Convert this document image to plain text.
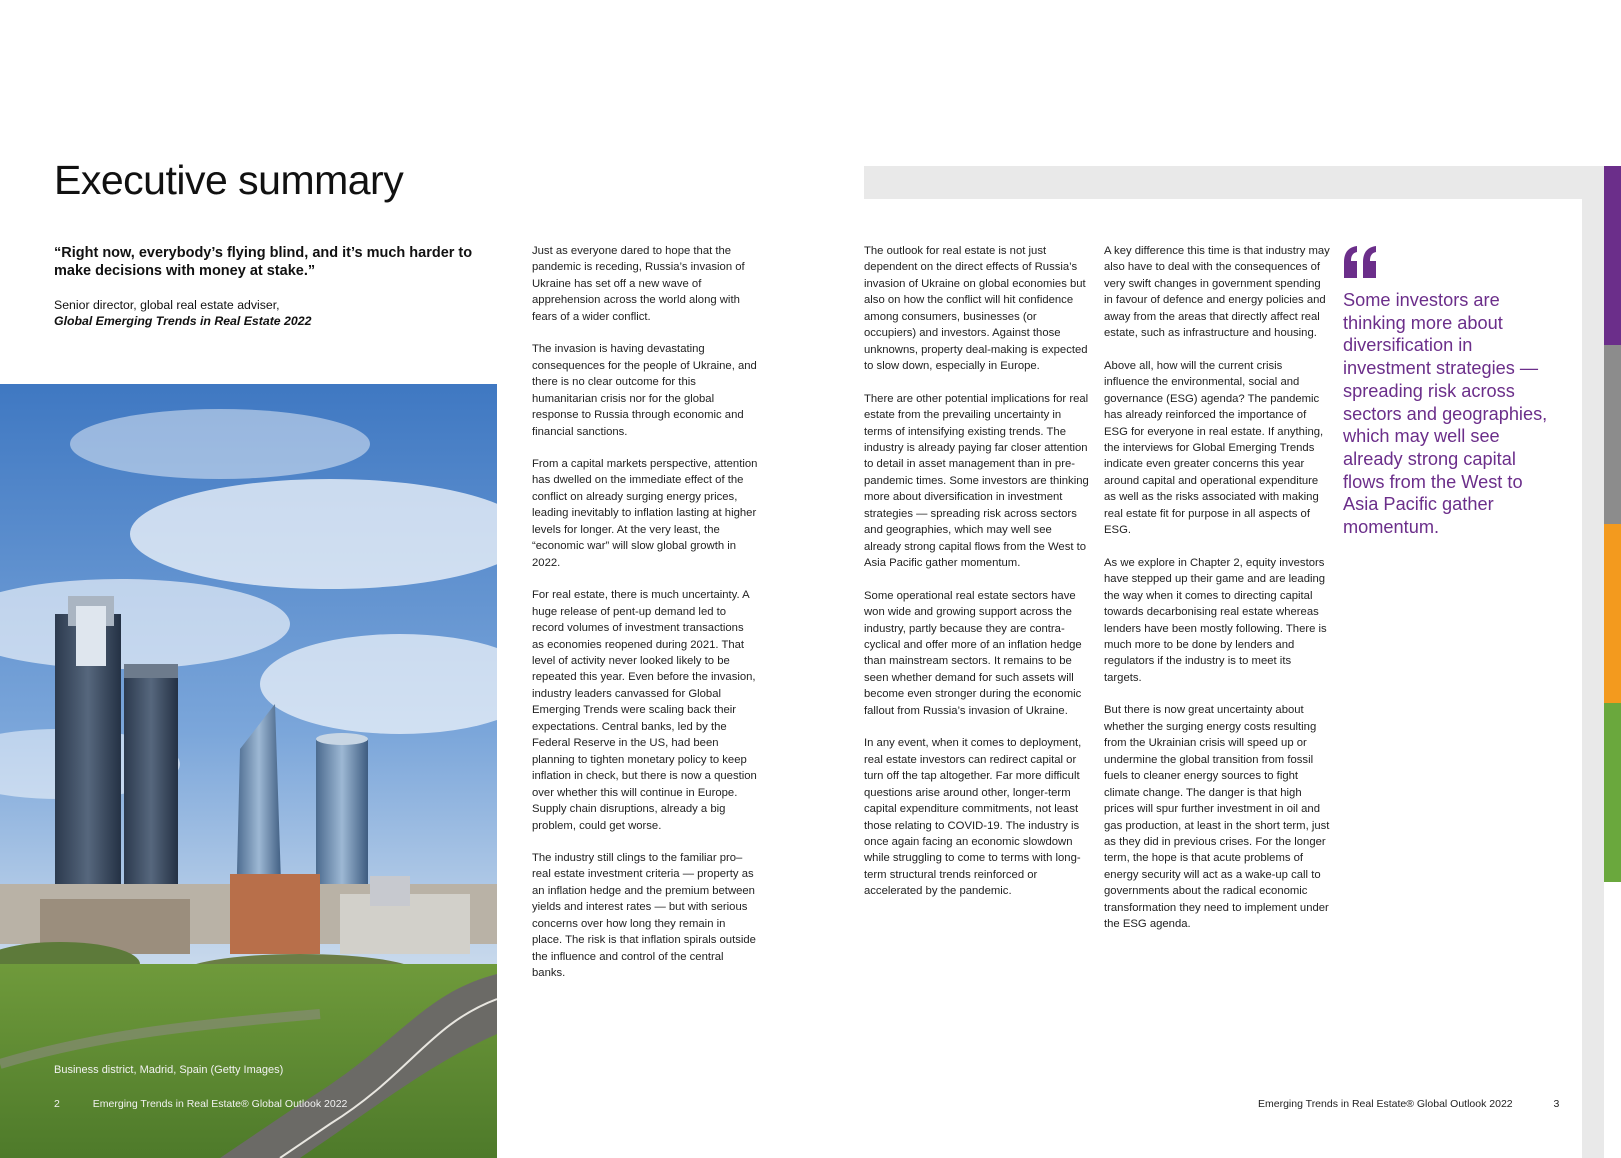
Executive summary
“Right now, everybody’s flying blind, and it’s much harder to make decisions with money at stake.”
Senior director, global real estate adviser,
Global Emerging Trends in Real Estate 2022
Business district, Madrid, Spain (Getty Images)
2	Emerging Trends in Real Estate® Global Outlook 2022

Just as everyone dared to hope that the pandemic is receding, Russia’s invasion of Ukraine has set off a new wave of apprehension across the world along with fears of a wider conflict.

The invasion is having devastating consequences for the people of Ukraine, and there is no clear outcome for this humanitarian crisis nor for the global response to Russia through economic and financial sanctions.

From a capital markets perspective, attention has dwelled on the immediate effect of the conflict on already surging energy prices, leading inevitably to inflation lasting at higher levels for longer. At the very least, the “economic war” will slow global growth in 2022.

For real estate, there is much uncertainty. A huge release of pent-up demand led to record volumes of investment transactions as economies reopened during 2021. That level of activity never looked likely to be repeated this year. Even before the invasion, industry leaders canvassed for Global Emerging Trends were scaling back their expectations. Central banks, led by the Federal Reserve in the US, had been planning to tighten monetary policy to keep inflation in check, but there is now a question over whether this will continue in Europe. Supply chain disruptions, already a big problem, could get worse.

The industry still clings to the familiar pro–real estate investment criteria — property as an inflation hedge and the premium between yields and interest rates — but with serious concerns over how long they remain in place. The risk is that inflation spirals outside the influence and control of the central banks.

The outlook for real estate is not just dependent on the direct effects of Russia’s invasion of Ukraine on global economies but also on how the conflict will hit confidence among consumers, businesses (or occupiers) and investors. Against those unknowns, property deal-making is expected to slow down, especially in Europe.

There are other potential implications for real estate from the prevailing uncertainty in terms of intensifying existing trends. The industry is already paying far closer attention to detail in asset management than in pre-pandemic times. Some investors are thinking more about diversification in investment strategies — spreading risk across sectors and geographies, which may well see already strong capital flows from the West to Asia Pacific gather momentum.

Some operational real estate sectors have won wide and growing support across the industry, partly because they are contra-cyclical and offer more of an inflation hedge than mainstream sectors. It remains to be seen whether demand for such assets will become even stronger during the economic fallout from Russia’s invasion of Ukraine.

In any event, when it comes to deployment, real estate investors can redirect capital or turn off the tap altogether. Far more difficult questions arise around other, longer-term capital expenditure commitments, not least those relating to COVID-19. The industry is once again facing an economic slowdown while struggling to come to terms with long-term structural trends reinforced or accelerated by the pandemic.

A key difference this time is that industry may also have to deal with the consequences of very swift changes in government spending in favour of defence and energy policies and away from the areas that directly affect real estate, such as infrastructure and housing.

Above all, how will the current crisis influence the environmental, social and governance (ESG) agenda? The pandemic has already reinforced the importance of ESG for everyone in real estate. If anything, the interviews for Global Emerging Trends indicate even greater concerns this year around capital and operational expenditure as well as the risks associated with making real estate fit for purpose in all aspects of ESG.

As we explore in Chapter 2, equity investors have stepped up their game and are leading the way when it comes to directing capital towards decarbonising real estate whereas lenders have been mostly following. There is much more to be done by lenders and regulators if the industry is to meet its targets.

But there is now great uncertainty about whether the surging energy costs resulting from the Ukrainian crisis will speed up or undermine the global transition from fossil fuels to cleaner energy sources to fight climate change. The danger is that high prices will spur further investment in oil and gas production, at least in the short term, just as they did in previous crises. For the longer term, the hope is that acute problems of energy security will act as a wake-up call to governments about the radical economic transformation they need to implement under the ESG agenda.

Some investors are thinking more about diversification in investment strategies — spreading risk across sectors and geographies, which may well see already strong capital flows from the West to Asia Pacific gather momentum.
Emerging Trends in Real Estate® Global Outlook 2022	3
